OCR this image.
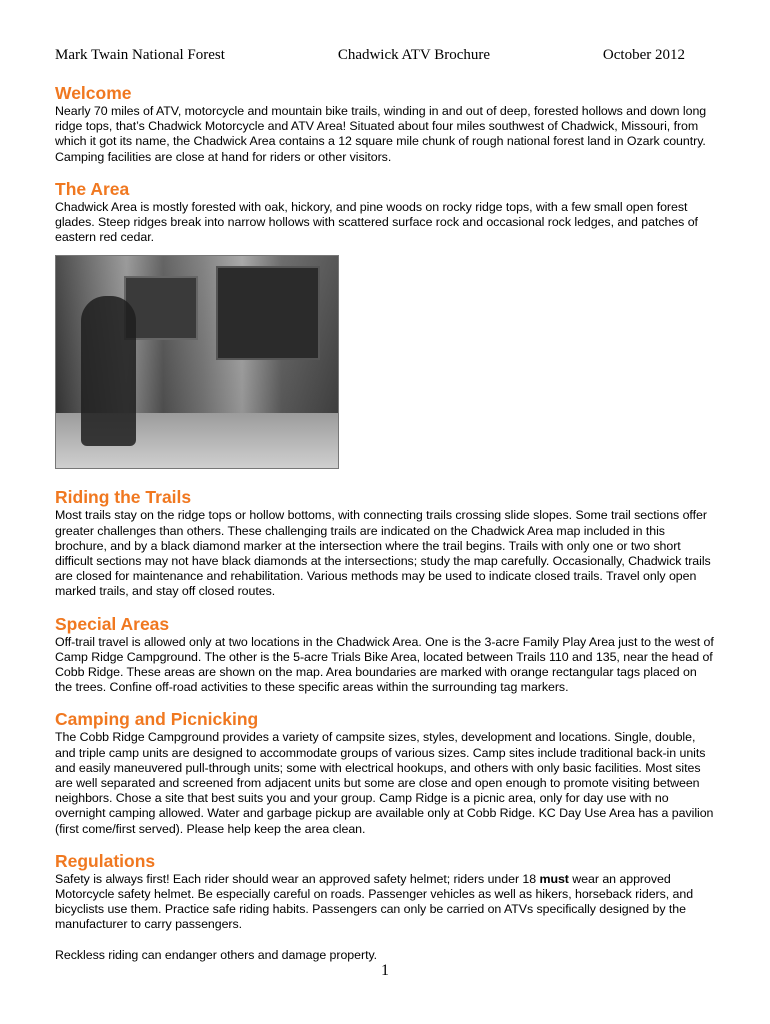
Mark Twain National Forest	Chadwick ATV Brochure	October 2012
Welcome

Nearly 70 miles of ATV, motorcycle and mountain bike trails, winding in and out of deep, forested hollows and down long ridge tops, that’s Chadwick Motorcycle and ATV Area! Situated about four miles southwest of Chadwick, Missouri, from which it got its name, the Chadwick Area contains a 12 square mile chunk of rough national forest land in Ozark country. Camping facilities are close at hand for riders or other visitors.

The Area

Chadwick Area is mostly forested with oak, hickory, and pine woods on rocky ridge tops, with a few small open forest glades. Steep ridges break into narrow hollows with scattered surface rock and occasional rock ledges, and patches of eastern red cedar.

Riding the Trails

Most trails stay on the ridge tops or hollow bottoms, with connecting trails crossing slide slopes. Some trail sections offer greater challenges than others. These challenging trails are indicated on the Chadwick Area map included in this brochure, and by a black diamond marker at the intersection where the trail begins. Trails with only one or two short difficult sections may not have black diamonds at the intersections; study the map carefully. Occasionally, Chadwick trails are closed for maintenance and rehabilitation. Various methods may be used to indicate closed trails. Travel only open marked trails, and stay off closed routes.

Special Areas

Off-trail travel is allowed only at two locations in the Chadwick Area. One is the 3-acre Family Play Area just to the west of Camp Ridge Campground. The other is the 5-acre Trials Bike Area, located between Trails 110 and 135, near the head of Cobb Ridge. These areas are shown on the map. Area boundaries are marked with orange rectangular tags placed on the trees. Confine off-road activities to these specific areas within the surrounding tag markers.

Camping and Picnicking

The Cobb Ridge Campground provides a variety of campsite sizes, styles, development and locations. Single, double, and triple camp units are designed to accommodate groups of various sizes. Camp sites include traditional back-in units and easily maneuvered pull-through units; some with electrical hookups, and others with only basic facilities. Most sites are well separated and screened from adjacent units but some are close and open enough to promote visiting between neighbors. Chose a site that best suits you and your group. Camp Ridge is a picnic area, only for day use with no overnight camping allowed. Water and garbage pickup are available only at Cobb Ridge. KC Day Use Area has a pavilion (first come/first served). Please help keep the area clean.

Regulations

Safety is always first! Each rider should wear an approved safety helmet; riders under 18 must wear an approved Motorcycle safety helmet. Be especially careful on roads. Passenger vehicles as well as hikers, horseback riders, and bicyclists use them. Practice safe riding habits. Passengers can only be carried on ATVs specifically designed by the manufacturer to carry passengers.

Reckless riding can endanger others and damage property.

1
